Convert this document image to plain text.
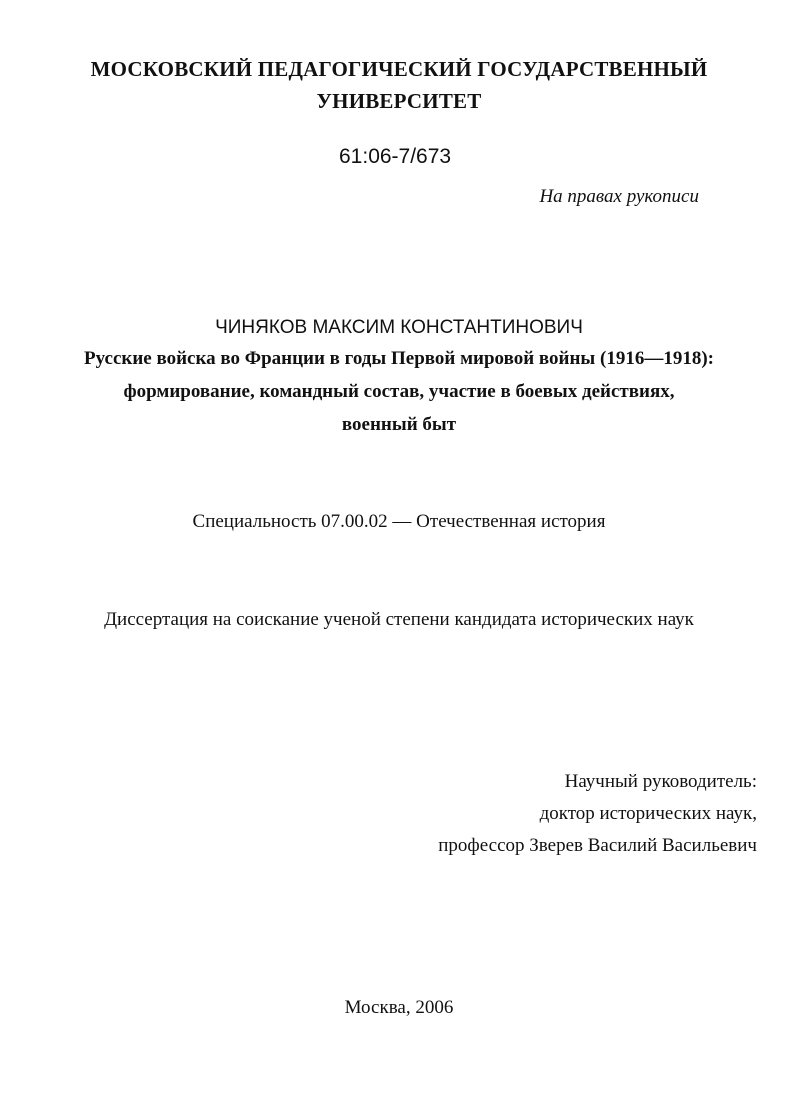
МОСКОВСКИЙ ПЕДАГОГИЧЕСКИЙ ГОСУДАРСТВЕННЫЙ
УНИВЕРСИТЕТ
61:06-7/673
На правах рукописи
ЧИНЯКОВ МАКСИМ КОНСТАНТИНОВИЧ
Русские войска во Франции в годы Первой мировой войны (1916—1918):
формирование, командный состав, участие в боевых действиях,
военный быт
Специальность 07.00.02 — Отечественная история
Диссертация на соискание ученой степени кандидата исторических наук
Научный руководитель:
доктор исторических наук,
профессор Зверев Василий Васильевич
Москва, 2006
